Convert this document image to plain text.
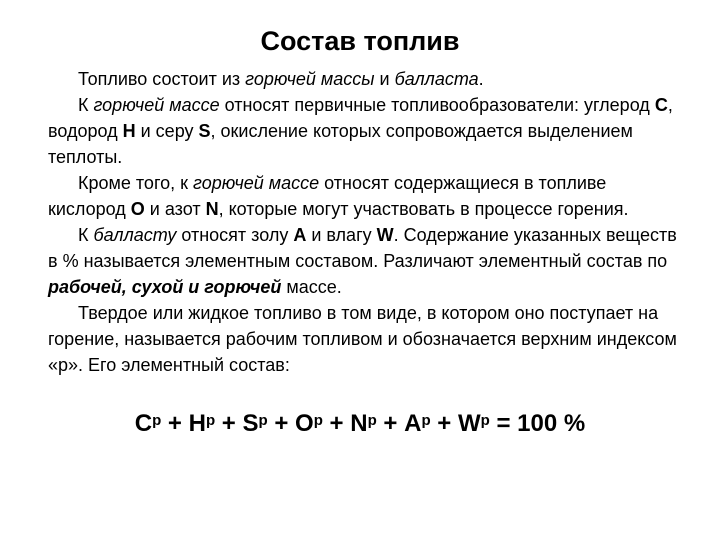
Состав топлив

Топливо состоит из горючей массы и балласта.

К горючей массе относят первичные топливообразователи: углерод С, водород Н и серу S, окисление которых сопровождается выделением теплоты.

Кроме того, к горючей массе относят содержащиеся в топливе кислород О и азот N, которые могут участвовать в процессе горения.

К балласту относят золу А и влагу W. Содержание указанных веществ в % называется элементным составом. Различают элементный состав по рабочей, сухой и горючей массе.

Твердое или жидкое топливо в том виде, в котором оно поступает на горение, называется рабочим топливом и обозначается верхним индексом «р». Его элементный состав:

$С^р + Н^р + S^р + О^р + N^р + А^р + W^р = 100$ %
